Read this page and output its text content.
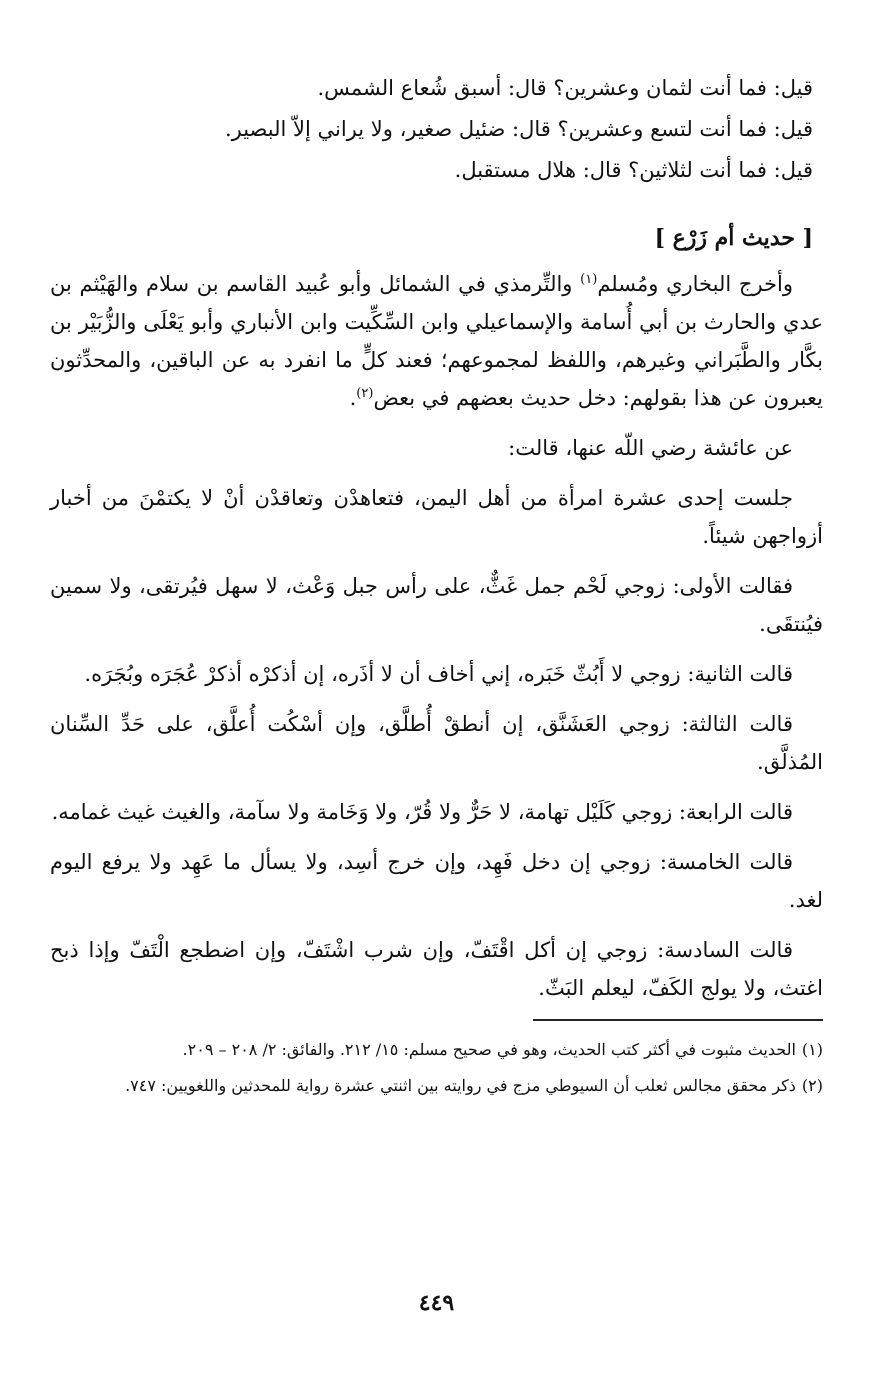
قيل: فما أنت لثمان وعشرين؟ قال: أسبق شُعاع الشمس.

قيل: فما أنت لتسع وعشرين؟ قال: ضئيل صغير، ولا يراني إلاّ البصير.

قيل: فما أنت لثلاثين؟ قال: هلال مستقبل.

[ حديث أم زَرْع ]

وأخرج البخاري ومُسلم$^{(١)}$ والتِّرمذي في الشمائل وأبو عُبيد القاسم بن سلام والهَيْثم بن عدي والحارث بن أبي أُسامة والإسماعيلي وابن السِّكِّيت وابن الأنباري وأبو يَعْلَى والزُّبَيْر بن بكَّار والطَّبَراني وغيرهم، واللفظ لمجموعهم؛ فعند كلٍّ ما انفرد به عن الباقين، والمحدِّثون يعبرون عن هذا بقولهم: دخل حديث بعضهم في بعض$^{(٢)}$.

عن عائشة رضي اللّه عنها، قالت:

جلست إحدى عشرة امرأة من أهل اليمن، فتعاهدْن وتعاقدْن أنْ لا يكتمْنَ من أخبار أزواجهن شيئاً.

فقالت الأولى: زوجي لَحْم جمل غَثٌّ، على رأس جبل وَعْث، لا سهل فيُرتقى، ولا سمين فيُنتقَى.

قالت الثانية: زوجي لا أَبُثّ خَبَره، إني أخاف أن لا أذَره، إن أذكرْه أذكرْ عُجَرَه وبُجَرَه.

قالت الثالثة: زوجي العَشَنَّق، إن أنطقْ أُطلَّق، وإن أسْكُت أُعلَّق، على حَدِّ السِّنان المُذلَّق.

قالت الرابعة: زوجي كَلَيْل تهامة، لا حَرٌّ ولا قُرّ، ولا وَخَامة ولا سآمة، والغيث غيث غمامه.

قالت الخامسة: زوجي إن دخل فَهِد، وإن خرج أسِد، ولا يسأل ما عَهِد ولا يرفع اليوم لغد.

قالت السادسة: زوجي إن أكل اقْتَفّ، وإن شرب اشْتَفّ، وإن اضطجع الْتَفّ وإذا ذبح اغتث، ولا يولج الكَفّ، ليعلم البَثّ.

(١)الحديث مثبوت في أكثر كتب الحديث، وهو في صحيح مسلم: ١٥/ ٢١٢. والفائق: ٢/ ٢٠٨ – ٢٠٩.

(٢)ذكر محقق مجالس ثعلب أن السيوطي مزج في روايته بين اثنتي عشرة رواية للمحدثين واللغويين: ٧٤٧.

٤٤٩
